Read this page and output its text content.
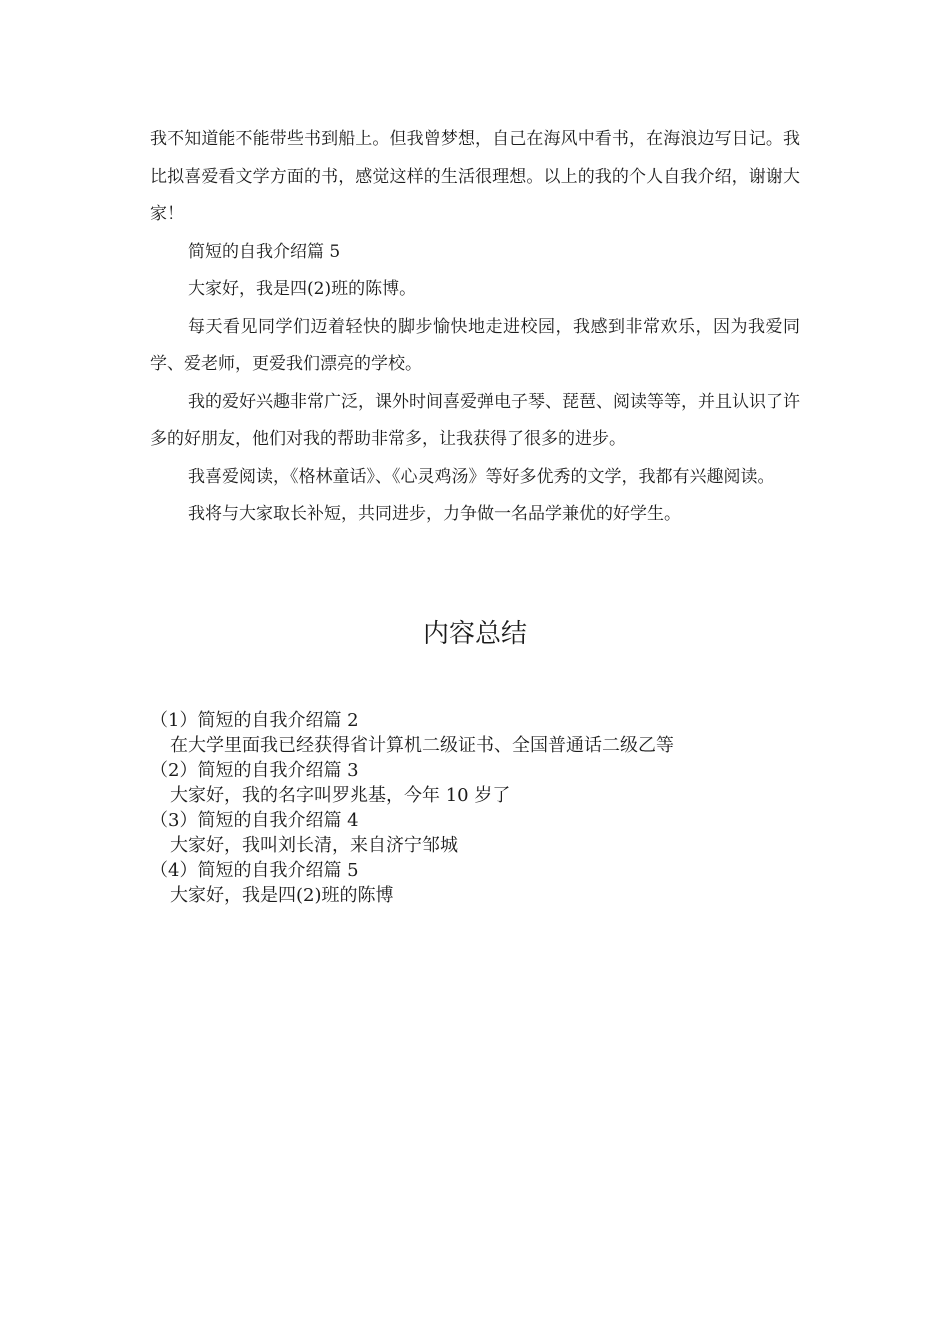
我不知道能不能带些书到船上。但我曾梦想，自己在海风中看书，在海浪边写日记。我比拟喜爱看文学方面的书，感觉这样的生活很理想。以上的我的个人自我介绍，谢谢大家！

简短的自我介绍篇 5

大家好，我是四(2)班的陈博。

每天看见同学们迈着轻快的脚步愉快地走进校园，我感到非常欢乐，因为我爱同学、爱老师，更爱我们漂亮的学校。

我的爱好兴趣非常广泛，课外时间喜爱弹电子琴、琵琶、阅读等等，并且认识了许多的好朋友，他们对我的帮助非常多，让我获得了很多的进步。

我喜爱阅读，《格林童话》、《心灵鸡汤》等好多优秀的文学，我都有兴趣阅读。

我将与大家取长补短，共同进步，力争做一名品学兼优的好学生。

内容总结
（1）简短的自我介绍篇 2
在大学里面我已经获得省计算机二级证书、全国普通话二级乙等
（2）简短的自我介绍篇 3
大家好，我的名字叫罗兆基，今年 10 岁了
（3）简短的自我介绍篇 4
大家好，我叫刘长清，来自济宁邹城
（4）简短的自我介绍篇 5
大家好，我是四(2)班的陈博
